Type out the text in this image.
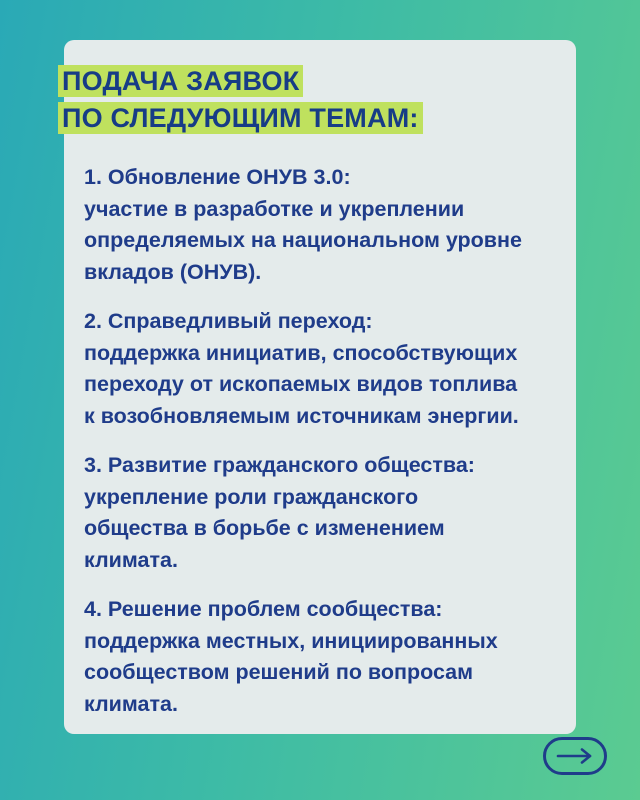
ПОДАЧА ЗАЯВОК
ПО СЛЕДУЮЩИМ ТЕМАМ:
1. Обновление ОНУВ 3.0:
участие в разработке и укреплении
определяемых на национальном уровне
вкладов (ОНУВ).
2. Справедливый переход:
поддержка инициатив, способствующих
переходу от ископаемых видов топлива
к возобновляемым источникам энергии.
3. Развитие гражданского общества:
укрепление роли гражданского
общества в борьбе с изменением
климата.
4. Решение проблем сообщества:
поддержка местных, инициированных
сообществом решений по вопросам
климата.
